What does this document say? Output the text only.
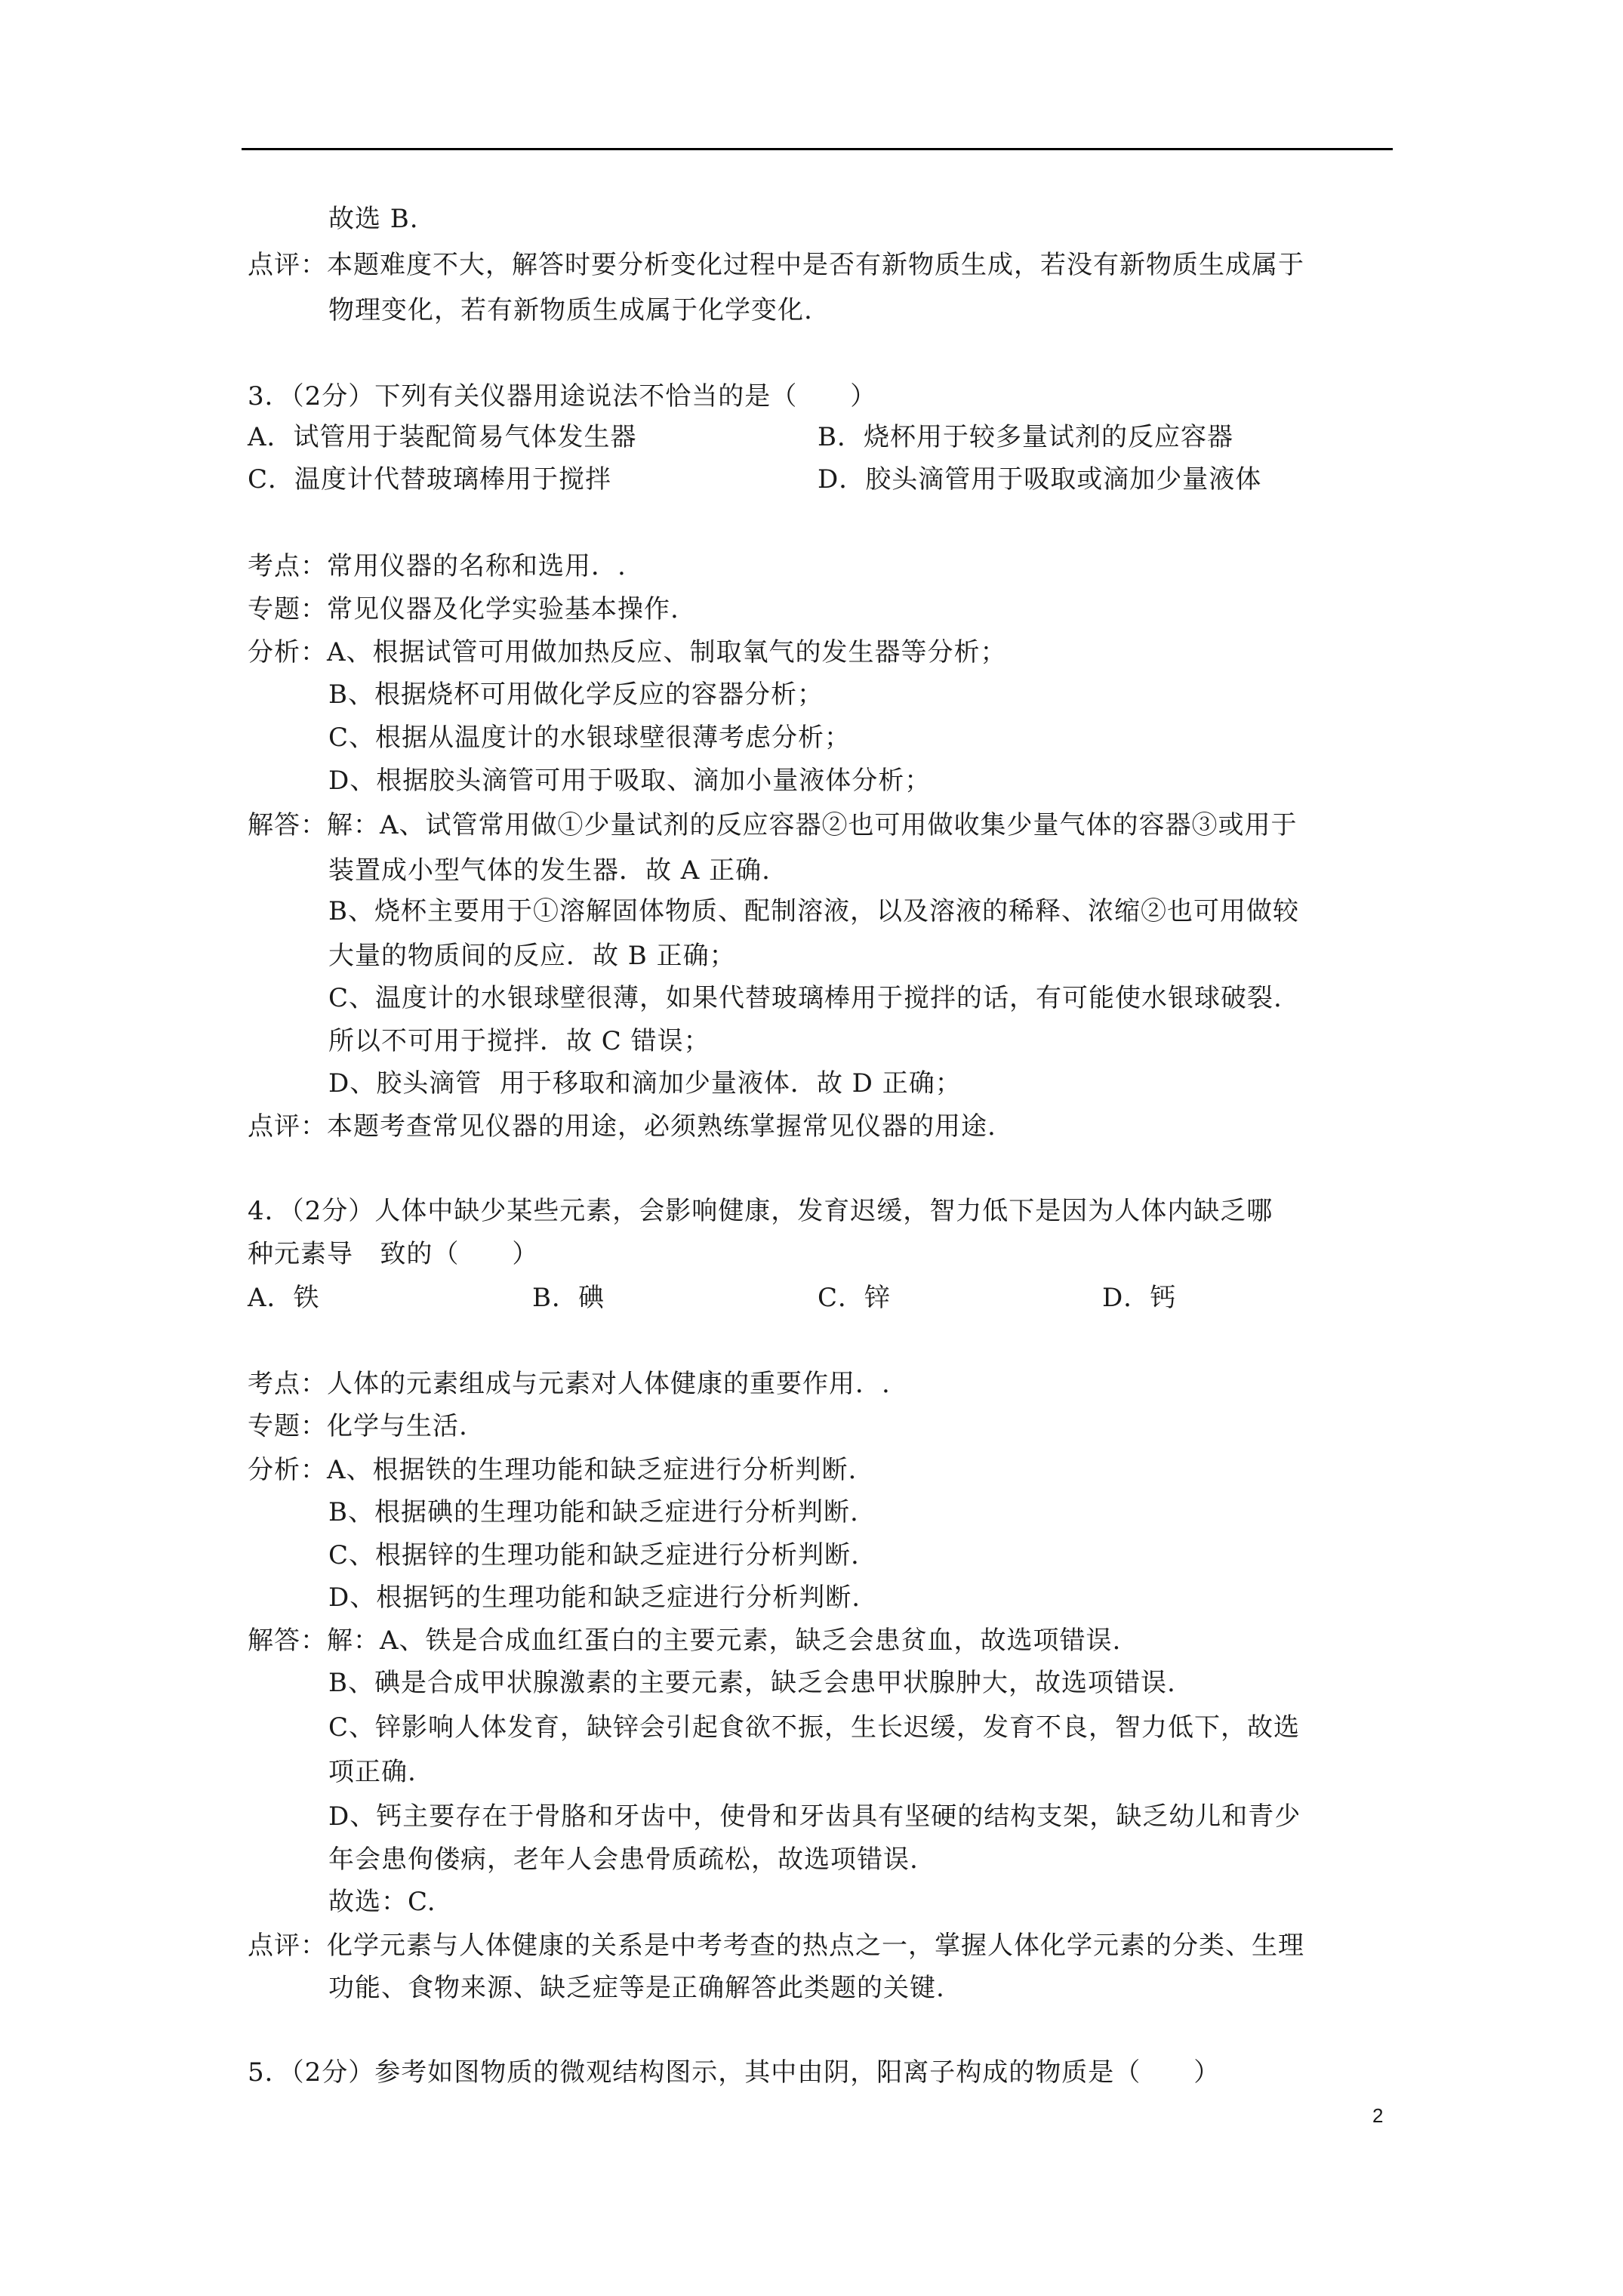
故选 B.
点评：本题难度不大，解答时要分析变化过程中是否有新物质生成，若没有新物质生成属于
物理变化，若有新物质生成属于化学变化.
3．（2分）下列有关仪器用途说法不恰当的是（　　）
A．试管用于装配简易气体发生器	B．烧杯用于较多量试剂的反应容器
C．温度计代替玻璃棒用于搅拌	D．胶头滴管用于吸取或滴加少量液体
考点：常用仪器的名称和选用．.
专题：常见仪器及化学实验基本操作.
分析：A、根据试管可用做加热反应、制取氧气的发生器等分析；
B、根据烧杯可用做化学反应的容器分析；
C、根据从温度计的水银球壁很薄考虑分析；
D、根据胶头滴管可用于吸取、滴加小量液体分析；
解答：解：A、试管常用做①少量试剂的反应容器②也可用做收集少量气体的容器③或用于
装置成小型气体的发生器．故 A 正确.
B、烧杯主要用于①溶解固体物质、配制溶液，以及溶液的稀释、浓缩②也可用做较
大量的物质间的反应．故 B 正确；
C、温度计的水银球壁很薄，如果代替玻璃棒用于搅拌的话，有可能使水银球破裂.
所以不可用于搅拌．故 C 错误；
D、胶头滴管  用于移取和滴加少量液体．故 D 正确；
点评：本题考查常见仪器的用途，必须熟练掌握常见仪器的用途.
4．（2分）人体中缺少某些元素，会影响健康，发育迟缓，智力低下是因为人体内缺乏哪
种元素导   致的（　　）
A．铁	B．碘	C．锌	D．钙
考点：人体的元素组成与元素对人体健康的重要作用．.
专题：化学与生活.
分析：A、根据铁的生理功能和缺乏症进行分析判断.
B、根据碘的生理功能和缺乏症进行分析判断.
C、根据锌的生理功能和缺乏症进行分析判断.
D、根据钙的生理功能和缺乏症进行分析判断.
解答：解：A、铁是合成血红蛋白的主要元素，缺乏会患贫血，故选项错误.
B、碘是合成甲状腺激素的主要元素，缺乏会患甲状腺肿大，故选项错误.
C、锌影响人体发育，缺锌会引起食欲不振，生长迟缓，发育不良，智力低下，故选
项正确.
D、钙主要存在于骨胳和牙齿中，使骨和牙齿具有坚硬的结构支架，缺乏幼儿和青少
年会患佝偻病，老年人会患骨质疏松，故选项错误.
故选：C.
点评：化学元素与人体健康的关系是中考考查的热点之一，掌握人体化学元素的分类、生理
功能、食物来源、缺乏症等是正确解答此类题的关键.
5．（2分）参考如图物质的微观结构图示，其中由阴，阳离子构成的物质是（　　）
2
